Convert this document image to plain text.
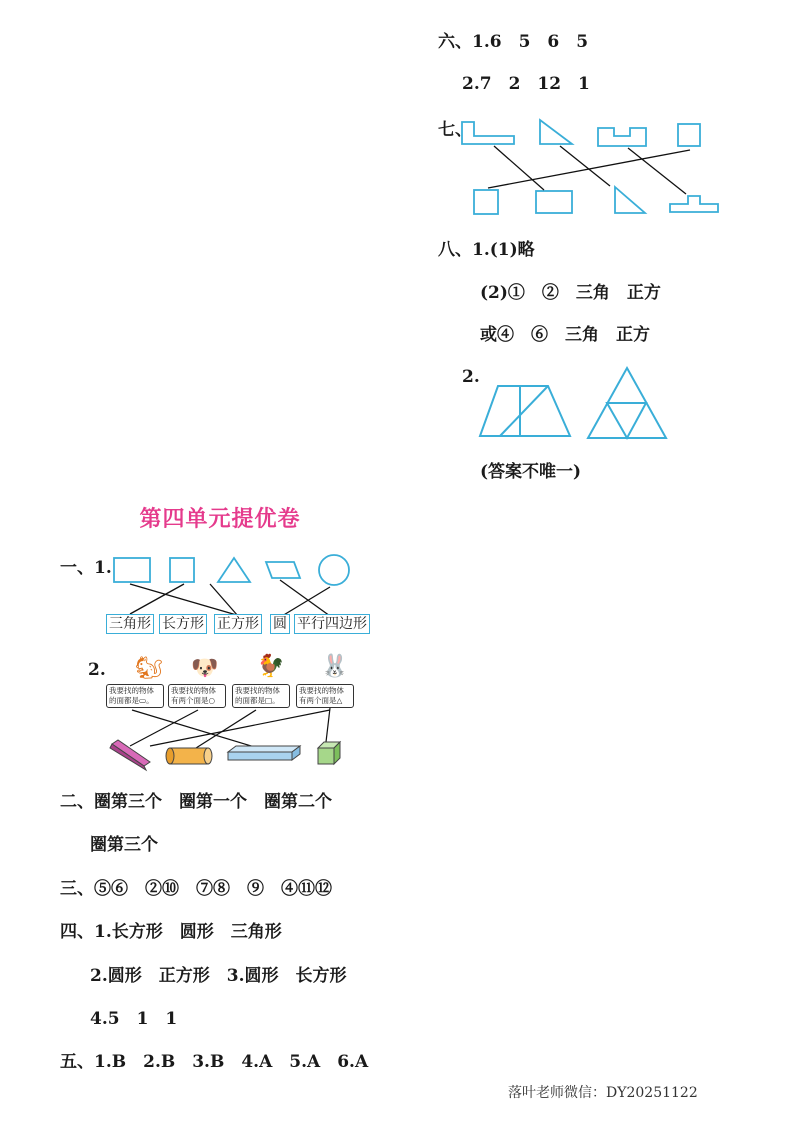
六、1.6　5　6　5
2.7　2　12　1
七、
八、1.(1)略
(2)①　②　三角　正方
或④　⑥　三角　正方
2.
(答案不唯一)
第四单元提优卷
一、1.
三角形 长方形 正方形 圆 平行四边形
2. 🐿 🐶 🐓 🐰
我要找的物体的面都是▭。
我要找的物体有两个面是○
我要找的物体的面都是□。
我要找的物体有两个面是△
二、圈第三个　圈第一个　圈第二个
圈第三个
三、⑤⑥　②⑩　⑦⑧　⑨　④⑪⑫
四、1.长方形　圆形　三角形
2.圆形　正方形　3.圆形　长方形
4.5　1　1
五、1.B　2.B　3.B　4.A　5.A　6.A
落叶老师微信：DY20251122
